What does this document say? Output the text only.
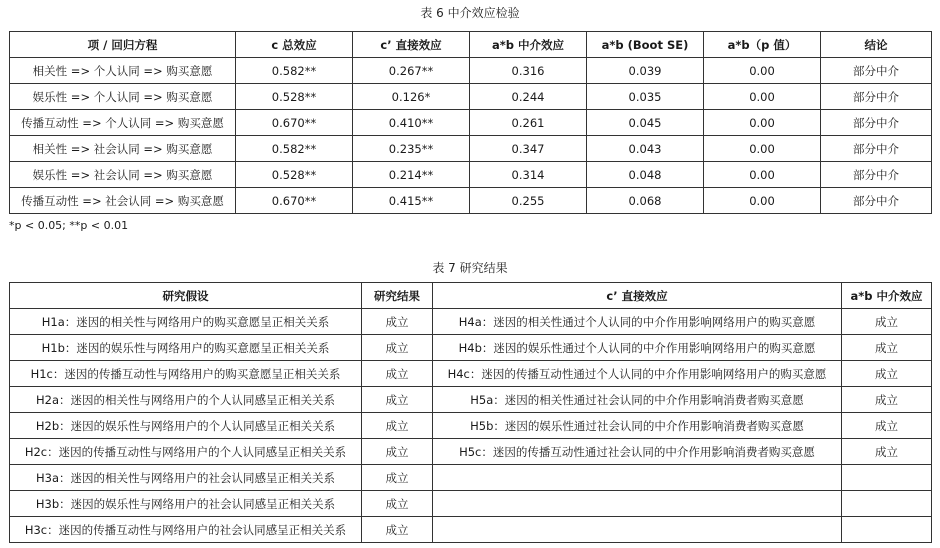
表 6 中介效应检验
项 / 回归方程	c 总效应	c’ 直接效应	a*b 中介效应	a*b (Boot SE)	a*b（p 值）	结论
相关性 => 个人认同 => 购买意愿	0.582**	0.267**	0.316	0.039	0.00	部分中介
娱乐性 => 个人认同 => 购买意愿	0.528**	0.126*	0.244	0.035	0.00	部分中介
传播互动性 => 个人认同 => 购买意愿	0.670**	0.410**	0.261	0.045	0.00	部分中介
相关性 => 社会认同 => 购买意愿	0.582**	0.235**	0.347	0.043	0.00	部分中介
娱乐性 => 社会认同 => 购买意愿	0.528**	0.214**	0.314	0.048	0.00	部分中介
传播互动性 => 社会认同 => 购买意愿	0.670**	0.415**	0.255	0.068	0.00	部分中介
*p < 0.05; **p < 0.01
表 7 研究结果
研究假设	研究结果	c’ 直接效应	a*b 中介效应
H1a：迷因的相关性与网络用户的购买意愿呈正相关关系	成立	H4a：迷因的相关性通过个人认同的中介作用影响网络用户的购买意愿	成立
H1b：迷因的娱乐性与网络用户的购买意愿呈正相关关系	成立	H4b：迷因的娱乐性通过个人认同的中介作用影响网络用户的购买意愿	成立
H1c：迷因的传播互动性与网络用户的购买意愿呈正相关关系	成立	H4c：迷因的传播互动性通过个人认同的中介作用影响网络用户的购买意愿	成立
H2a：迷因的相关性与网络用户的个人认同感呈正相关关系	成立	H5a：迷因的相关性通过社会认同的中介作用影响消费者购买意愿	成立
H2b：迷因的娱乐性与网络用户的个人认同感呈正相关关系	成立	H5b：迷因的娱乐性通过社会认同的中介作用影响消费者购买意愿	成立
H2c：迷因的传播互动性与网络用户的个人认同感呈正相关关系	成立	H5c：迷因的传播互动性通过社会认同的中介作用影响消费者购买意愿	成立
H3a：迷因的相关性与网络用户的社会认同感呈正相关关系	成立		
H3b：迷因的娱乐性与网络用户的社会认同感呈正相关关系	成立		
H3c：迷因的传播互动性与网络用户的社会认同感呈正相关关系	成立		
